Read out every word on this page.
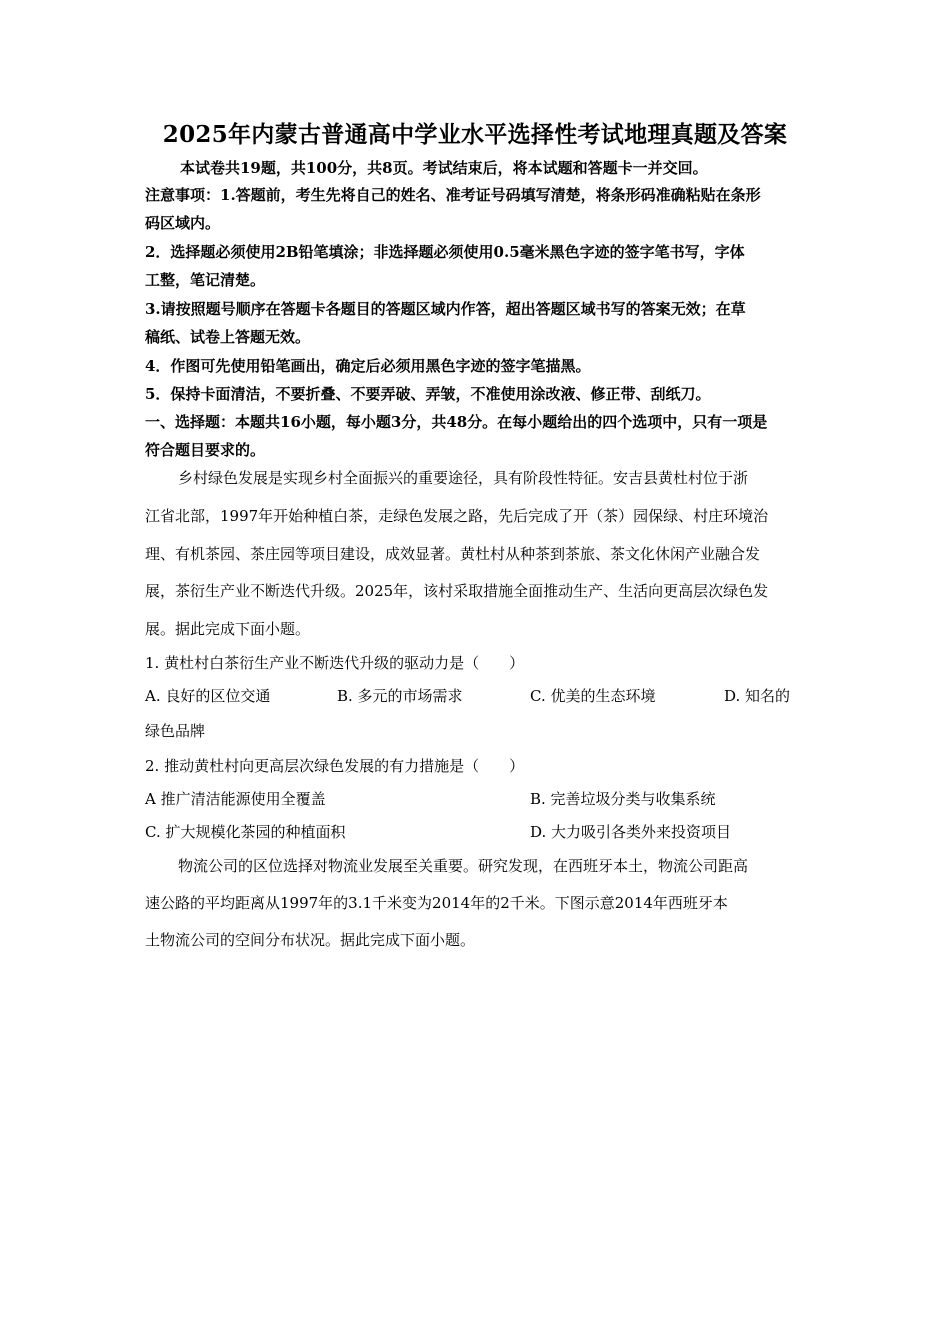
2025年内蒙古普通高中学业水平选择性考试地理真题及答案
本试卷共19题，共100分，共8页。考试结束后，将本试题和答题卡一并交回。
注意事项：1.答题前，考生先将自己的姓名、准考证号码填写清楚，将条形码准确粘贴在条形
码区域内。
2．选择题必须使用2B铅笔填涂；非选择题必须使用0.5毫米黑色字迹的签字笔书写，字体
工整，笔记清楚。
3.请按照题号顺序在答题卡各题目的答题区域内作答，超出答题区域书写的答案无效；在草
稿纸、试卷上答题无效。
4．作图可先使用铅笔画出，确定后必须用黑色字迹的签字笔描黑。
5．保持卡面清洁，不要折叠、不要弄破、弄皱，不准使用涂改液、修正带、刮纸刀。
一、选择题：本题共16小题，每小题3分，共48分。在每小题给出的四个选项中，只有一项是
符合题目要求的。
乡村绿色发展是实现乡村全面振兴的重要途径，具有阶段性特征。安吉县黄杜村位于浙
江省北部，1997年开始种植白茶，走绿色发展之路，先后完成了开（茶）园保绿、村庄环境治
理、有机茶园、茶庄园等项目建设，成效显著。黄杜村从种茶到茶旅、茶文化休闲产业融合发
展，茶衍生产业不断迭代升级。2025年，该村采取措施全面推动生产、生活向更高层次绿色发
展。据此完成下面小题。
1. 黄杜村白茶衍生产业不断迭代升级的驱动力是（　　）
A. 良好的区位交通	B. 多元的市场需求	C. 优美的生态环境	D. 知名的
绿色品牌
2. 推动黄杜村向更高层次绿色发展的有力措施是（　　）
A 推广清洁能源使用全覆盖	B. 完善垃圾分类与收集系统
C. 扩大规模化茶园的种植面积	D. 大力吸引各类外来投资项目
物流公司的区位选择对物流业发展至关重要。研究发现，在西班牙本土，物流公司距高
速公路的平均距离从1997年的3.1千米变为2014年的2千米。下图示意2014年西班牙本
土物流公司的空间分布状况。据此完成下面小题。
